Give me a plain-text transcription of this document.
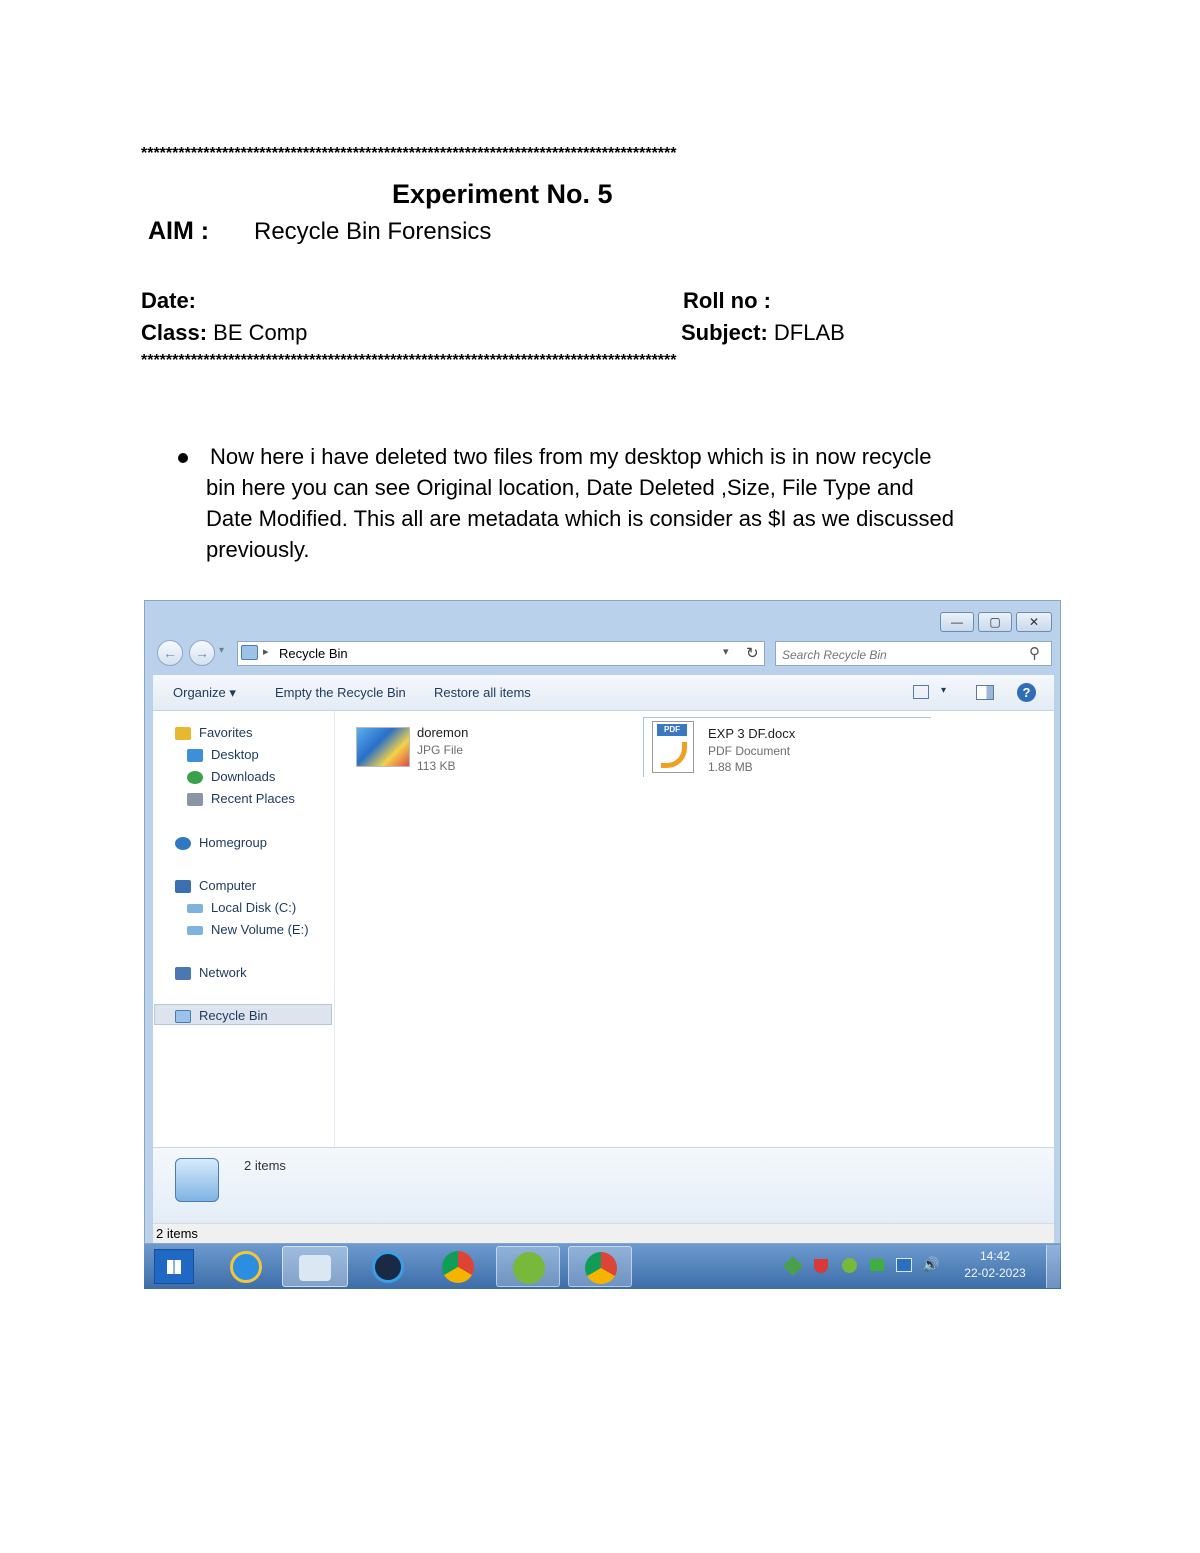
**************************************************************************************
Experiment No. 5
AIM : Recycle Bin Forensics
Date:	Roll no :
Class: BE Comp	Subject: DFLAB
**************************************************************************************
Now here i have deleted two files from my desktop which is in now recycle bin here you can see Original location, Date Deleted ,Size, File Type and Date Modified. This all are metadata which is consider as $I as we discussed previously.
—	▢	✕
←	→	▾	▸ Recycle Bin	▾ ↻
Search Recycle Bin	⚲
Organize ▾	Empty the Recycle Bin Restore all items	▾	?
Favorites
Desktop
Downloads
Recent Places
Homegroup
Computer
Local Disk (C:)
New Volume (E:)
Network
Recycle Bin
doremon
JPG File
113 KB
PDF	EXP 3 DF.docx
PDF Document
1.88 MB
2 items
2 items
🔊	14:42
22-02-2023
